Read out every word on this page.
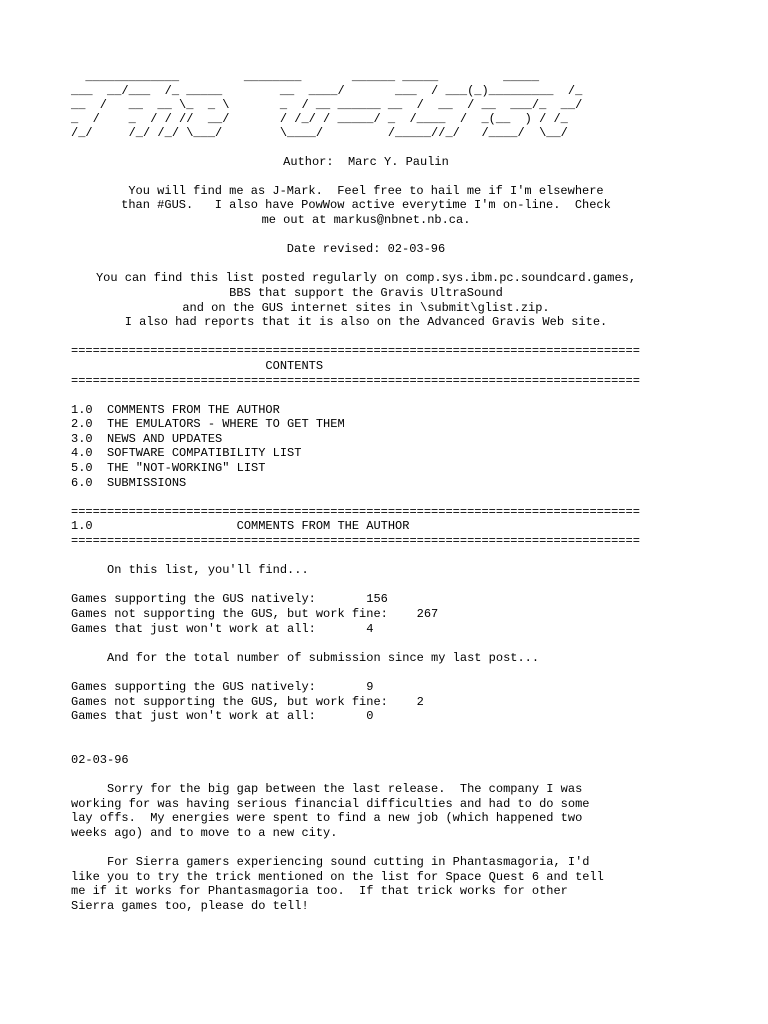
_____________         ________       ______ _____         _____
___  __/___  /_ _____        __  ____/       ___  / ___(_)_________  /_
__  /   __  __ \_  _ \       _  / __ ______ __  /  __  / __  ___/_  __/
_  /    _  / / //  __/       / /_/ / _____/ _  /____  /  _(__  ) / /_
/_/     /_/ /_/ \___/        \____/         /_____//_/   /____/  \__/
Author:  Marc Y. Paulin
You will find me as J-Mark.  Feel free to hail me if I'm elsewhere
than #GUS.   I also have PowWow active everytime I'm on-line.  Check
me out at markus@nbnet.nb.ca.
Date revised: 02-03-96
You can find this list posted regularly on comp.sys.ibm.pc.soundcard.games,
BBS that support the Gravis UltraSound
and on the GUS internet sites in \submit\glist.zip.
I also had reports that it is also on the Advanced Gravis Web site.
===============================================================================
CONTENTS
===============================================================================
1.0  COMMENTS FROM THE AUTHOR
2.0  THE EMULATORS - WHERE TO GET THEM
3.0  NEWS AND UPDATES
4.0  SOFTWARE COMPATIBILITY LIST
5.0  THE "NOT-WORKING" LIST
6.0  SUBMISSIONS
===============================================================================
1.0                    COMMENTS FROM THE AUTHOR
===============================================================================
On this list, you'll find...
Games supporting the GUS natively:       156
Games not supporting the GUS, but work fine:    267
Games that just won't work at all:       4
And for the total number of submission since my last post...
Games supporting the GUS natively:       9
Games not supporting the GUS, but work fine:    2
Games that just won't work at all:       0
02-03-96
Sorry for the big gap between the last release.  The company I was
working for was having serious financial difficulties and had to do some
lay offs.  My energies were spent to find a new job (which happened two
weeks ago) and to move to a new city.
For Sierra gamers experiencing sound cutting in Phantasmagoria, I'd
like you to try the trick mentioned on the list for Space Quest 6 and tell
me if it works for Phantasmagoria too.  If that trick works for other
Sierra games too, please do tell!
